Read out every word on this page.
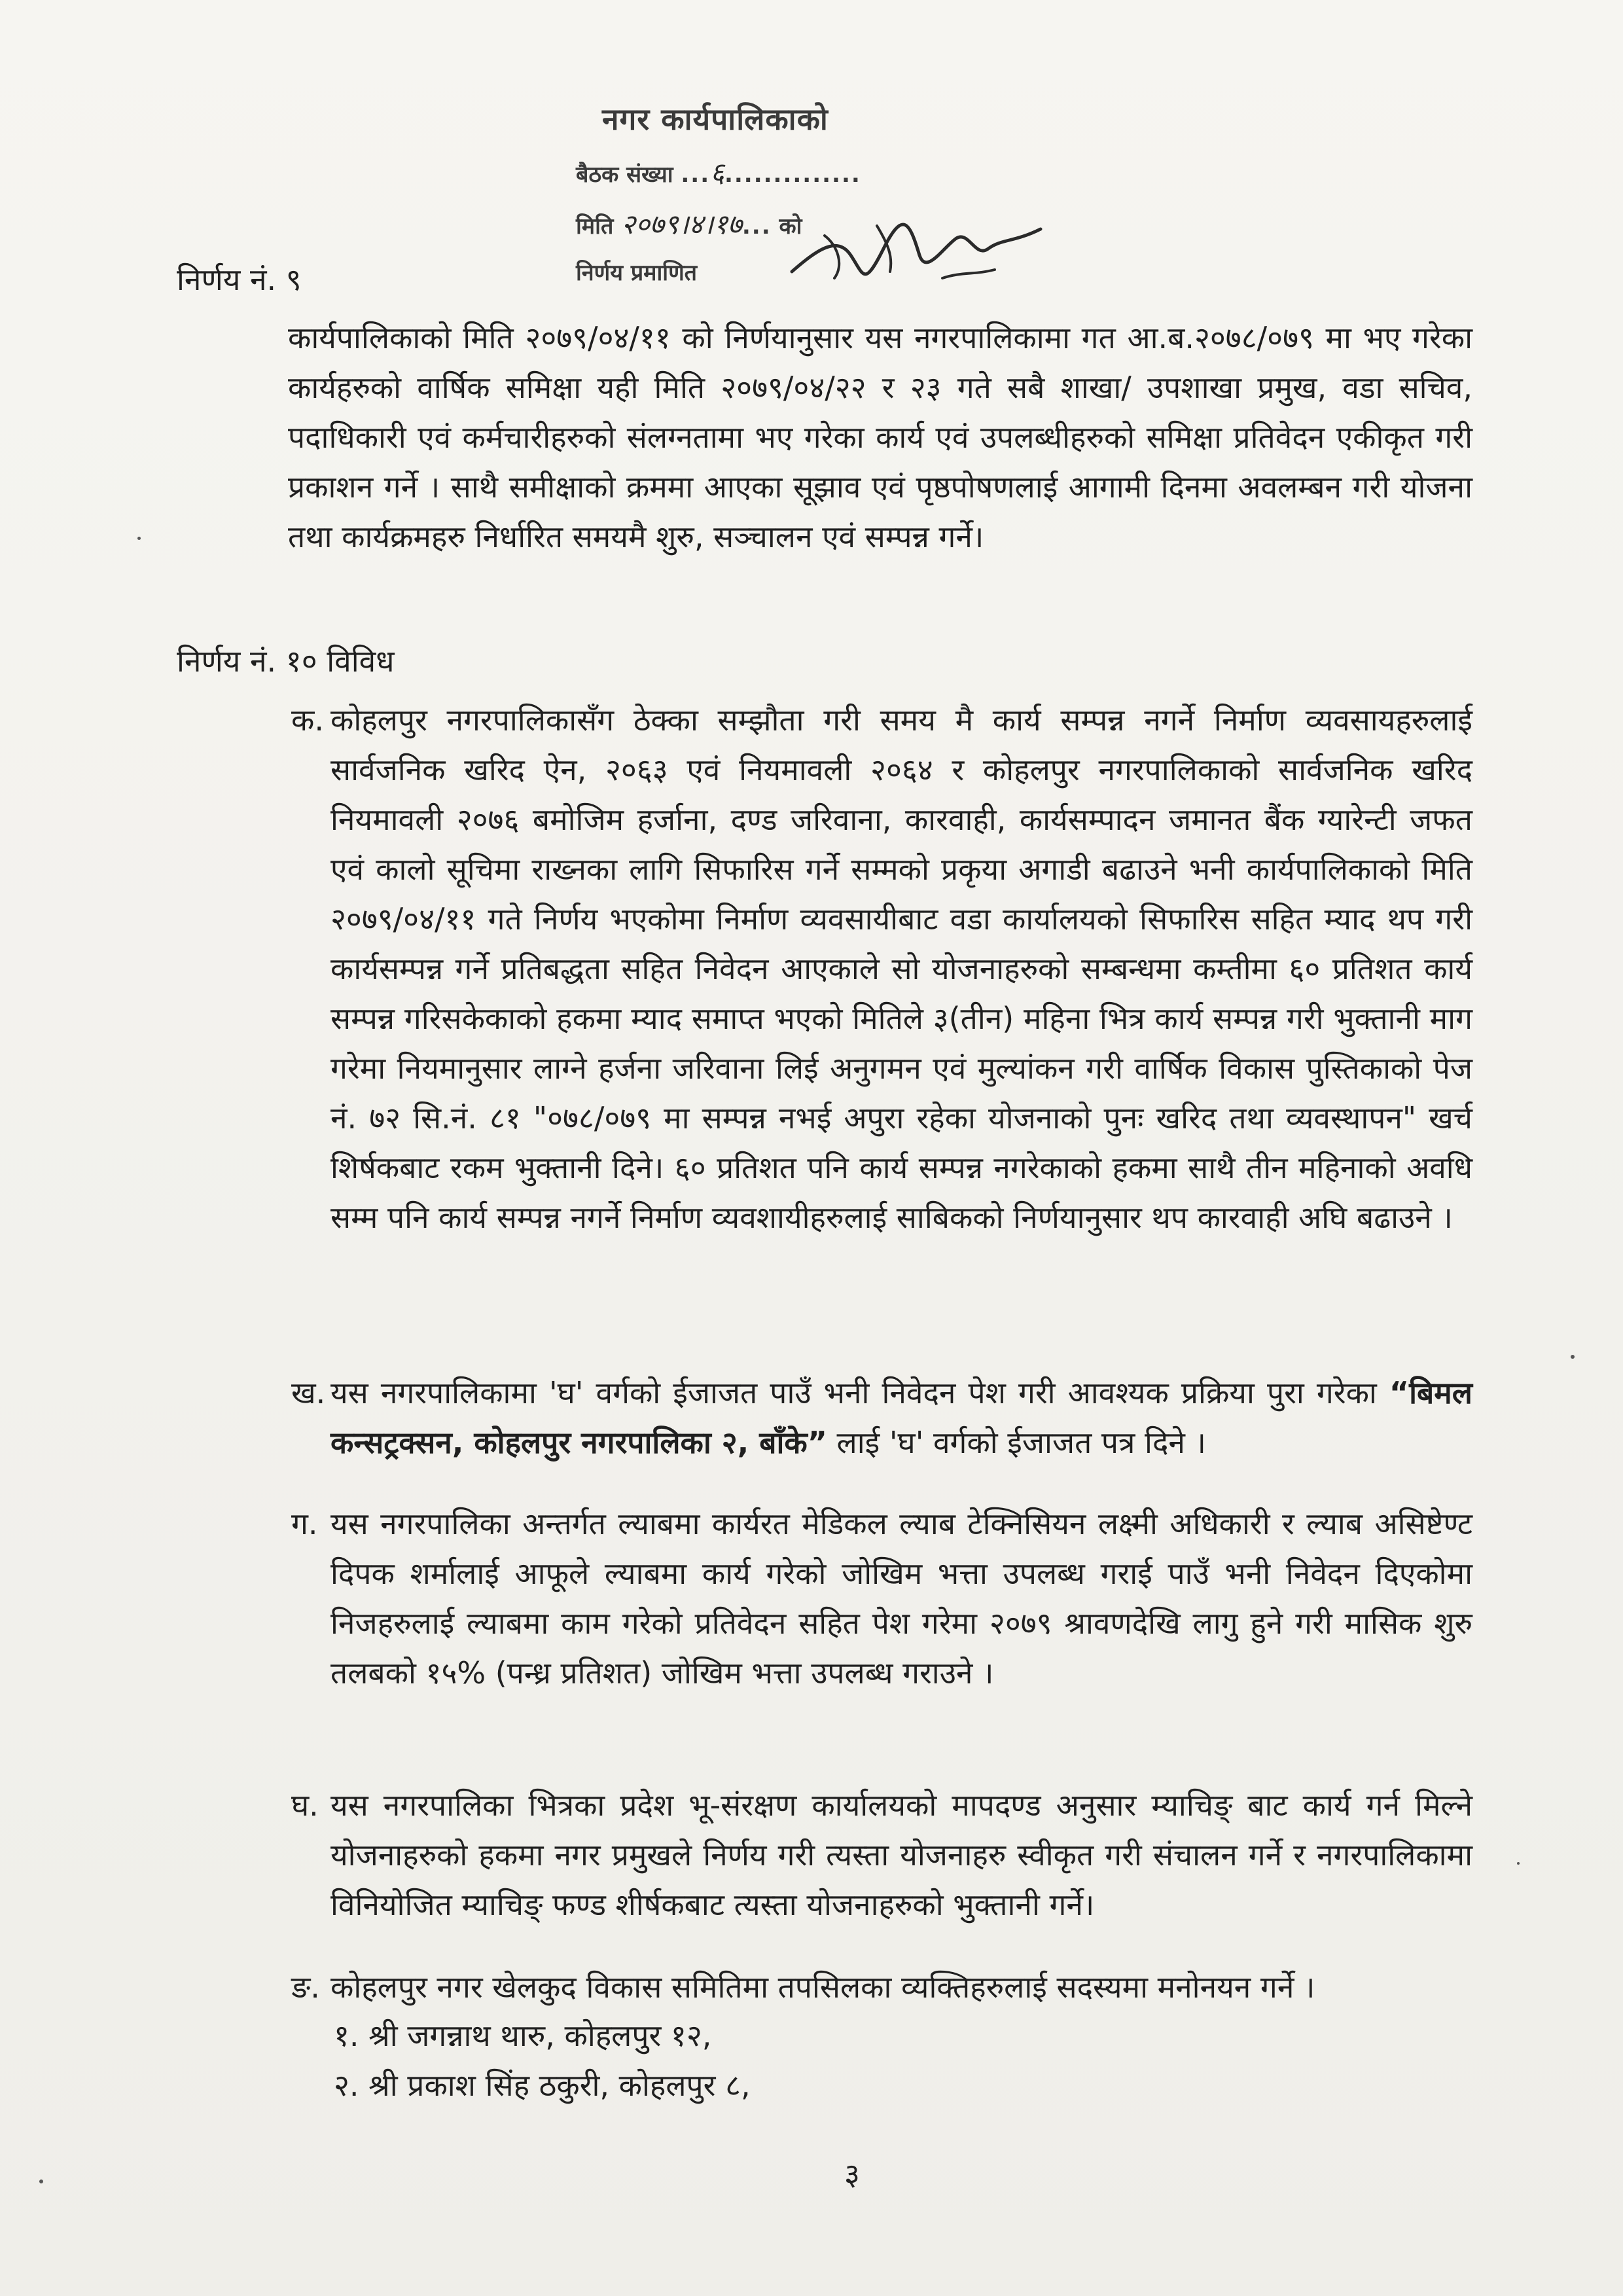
नगर कार्यपालिकाको
बैठक संख्या ...६..............
मिति २०७९।४।१७... को
निर्णय प्रमाणित
निर्णय नं. ९
कार्यपालिकाको मिति २०७९/०४/११ को निर्णयानुसार यस नगरपालिकामा गत आ.ब.२०७८/०७९ मा भए गरेका कार्यहरुको वार्षिक समिक्षा यही मिति २०७९/०४/२२ र २३ गते सबै शाखा/ उपशाखा प्रमुख, वडा सचिव, पदाधिकारी एवं कर्मचारीहरुको संलग्नतामा भए गरेका कार्य एवं उपलब्धीहरुको समिक्षा प्रतिवेदन एकीकृत गरी प्रकाशन गर्ने । साथै समीक्षाको क्रममा आएका सूझाव एवं पृष्ठपोषणलाई आगामी दिनमा अवलम्बन गरी योजना तथा कार्यक्रमहरु निर्धारित समयमै शुरु, सञ्चालन एवं सम्पन्न गर्ने।
निर्णय नं. १० विविध
क. कोहलपुर नगरपालिकासँग ठेक्का सम्झौता गरी समय मै कार्य सम्पन्न नगर्ने निर्माण व्यवसायहरुलाई सार्वजनिक खरिद ऐन, २०६३ एवं नियमावली २०६४ र कोहलपुर नगरपालिकाको सार्वजनिक खरिद नियमावली २०७६ बमोजिम हर्जाना, दण्ड जरिवाना, कारवाही, कार्यसम्पादन जमानत बैंक ग्यारेन्टी जफत एवं कालो सूचिमा राख्नका लागि सिफारिस गर्ने सम्मको प्रकृया अगाडी बढाउने भनी कार्यपालिकाको मिति २०७९/०४/११ गते निर्णय भएकोमा निर्माण व्यवसायीबाट वडा कार्यालयको सिफारिस सहित म्याद थप गरी कार्यसम्पन्न गर्ने प्रतिबद्धता सहित निवेदन आएकाले सो योजनाहरुको सम्बन्धमा कम्तीमा ६० प्रतिशत कार्य सम्पन्न गरिसकेकाको हकमा म्याद समाप्त भएको मितिले ३(तीन) महिना भित्र कार्य सम्पन्न गरी भुक्तानी माग गरेमा नियमानुसार लाग्ने हर्जना जरिवाना लिई अनुगमन एवं मुल्यांकन गरी वार्षिक विकास पुस्तिकाको पेज नं. ७२ सि.नं. ८१ "०७८/०७९ मा सम्पन्न नभई अपुरा रहेका योजनाको पुनः खरिद तथा व्यवस्थापन" खर्च शिर्षकबाट रकम भुक्तानी दिने। ६० प्रतिशत पनि कार्य सम्पन्न नगरेकाको हकमा साथै तीन महिनाको अवधि सम्म पनि कार्य सम्पन्न नगर्ने निर्माण व्यवशायीहरुलाई साबिकको निर्णयानुसार थप कारवाही अघि बढाउने ।
ख. यस नगरपालिकामा 'घ' वर्गको ईजाजत पाउँ भनी निवेदन पेश गरी आवश्यक प्रक्रिया पुरा गरेका “बिमल कन्सट्रक्सन, कोहलपुर नगरपालिका २, बाँके” लाई 'घ' वर्गको ईजाजत पत्र दिने ।
ग. यस नगरपालिका अन्तर्गत ल्याबमा कार्यरत मेडिकल ल्याब टेक्निसियन लक्ष्मी अधिकारी र ल्याब असिष्टेण्ट दिपक शर्मालाई आफूले ल्याबमा कार्य गरेको जोखिम भत्ता उपलब्ध गराई पाउँ भनी निवेदन दिएकोमा निजहरुलाई ल्याबमा काम गरेको प्रतिवेदन सहित पेश गरेमा २०७९ श्रावणदेखि लागु हुने गरी मासिक शुरु तलबको १५% (पन्ध्र प्रतिशत) जोखिम भत्ता उपलब्ध गराउने ।
घ. यस नगरपालिका भित्रका प्रदेश भू-संरक्षण कार्यालयको मापदण्ड अनुसार म्याचिङ् बाट कार्य गर्न मिल्ने योजनाहरुको हकमा नगर प्रमुखले निर्णय गरी त्यस्ता योजनाहरु स्वीकृत गरी संचालन गर्ने र नगरपालिकामा विनियोजित म्याचिङ् फण्ड शीर्षकबाट त्यस्ता योजनाहरुको भुक्तानी गर्ने।
ङ. कोहलपुर नगर खेलकुद विकास समितिमा तपसिलका व्यक्तिहरुलाई सदस्यमा मनोनयन गर्ने ।
१. श्री जगन्नाथ थारु, कोहलपुर १२,
२. श्री प्रकाश सिंह ठकुरी, कोहलपुर ८,
३
